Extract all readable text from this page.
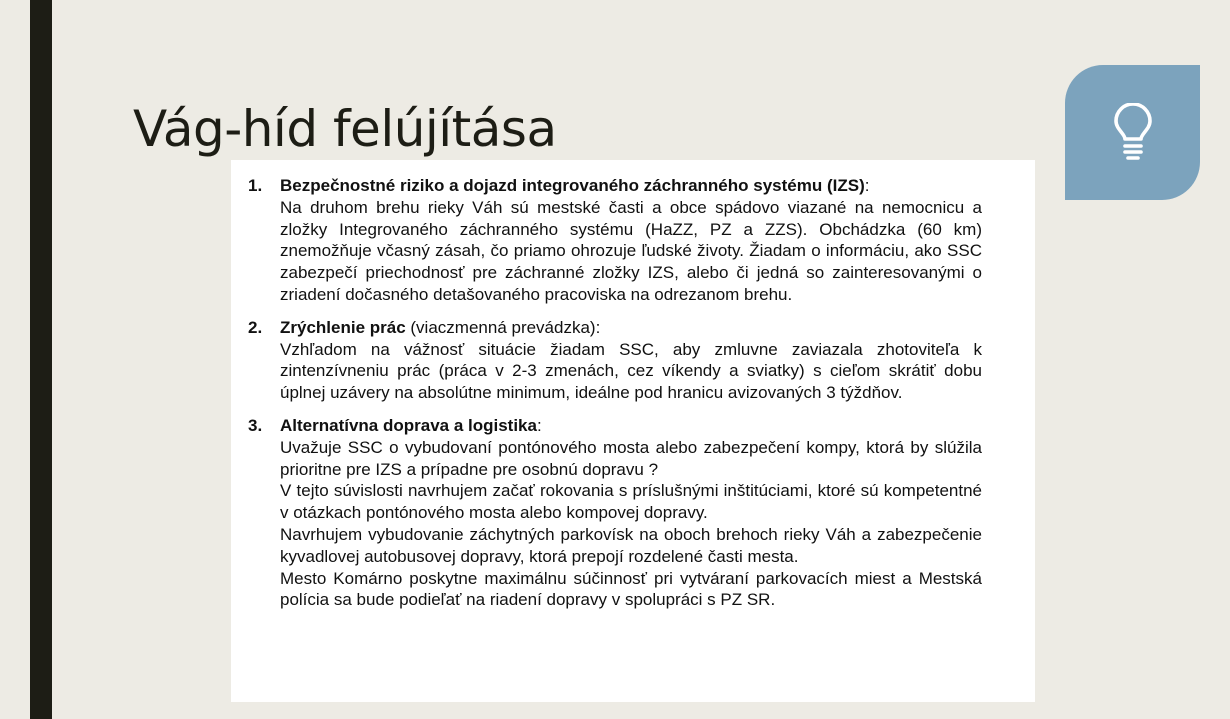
Vág-híd felújítása
1.	Bezpečnostné riziko a dojazd integrovaného záchranného systému (IZS):
Na druhom brehu rieky Váh sú mestské časti a obce spádovo viazané na nemocnicu a zložky Integrovaného záchranného systému (HaZZ, PZ a ZZS). Obchádzka (60 km) znemožňuje včasný zásah, čo priamo ohrozuje ľudské životy. Žiadam o informáciu, ako SSC zabezpečí priechodnosť pre záchranné zložky IZS, alebo či jedná so zainteresovanými o zriadení dočasného detašovaného pracoviska na odrezanom brehu.
2.	Zrýchlenie prác (viaczmenná prevádzka):
Vzhľadom na vážnosť situácie žiadam SSC, aby zmluvne zaviazala zhotoviteľa k zintenzívneniu prác (práca v 2-3 zmenách, cez víkendy a sviatky) s cieľom skrátiť dobu úplnej uzávery na absolútne minimum, ideálne pod hranicu avizovaných 3 týždňov.
3.	Alternatívna doprava a logistika:
Uvažuje SSC o vybudovaní pontónového mosta alebo zabezpečení kompy, ktorá by slúžila prioritne pre IZS a prípadne pre osobnú dopravu ?
V tejto súvislosti navrhujem začať rokovania s príslušnými inštitúciami, ktoré sú kompetentné v otázkach pontónového mosta alebo kompovej dopravy.
Navrhujem vybudovanie záchytných parkovísk na oboch brehoch rieky Váh a zabezpečenie kyvadlovej autobusovej dopravy, ktorá prepojí rozdelené časti mesta.
Mesto Komárno poskytne maximálnu súčinnosť pri vytváraní parkovacích miest a Mestská polícia sa bude podieľať na riadení dopravy v spolupráci s PZ SR.
